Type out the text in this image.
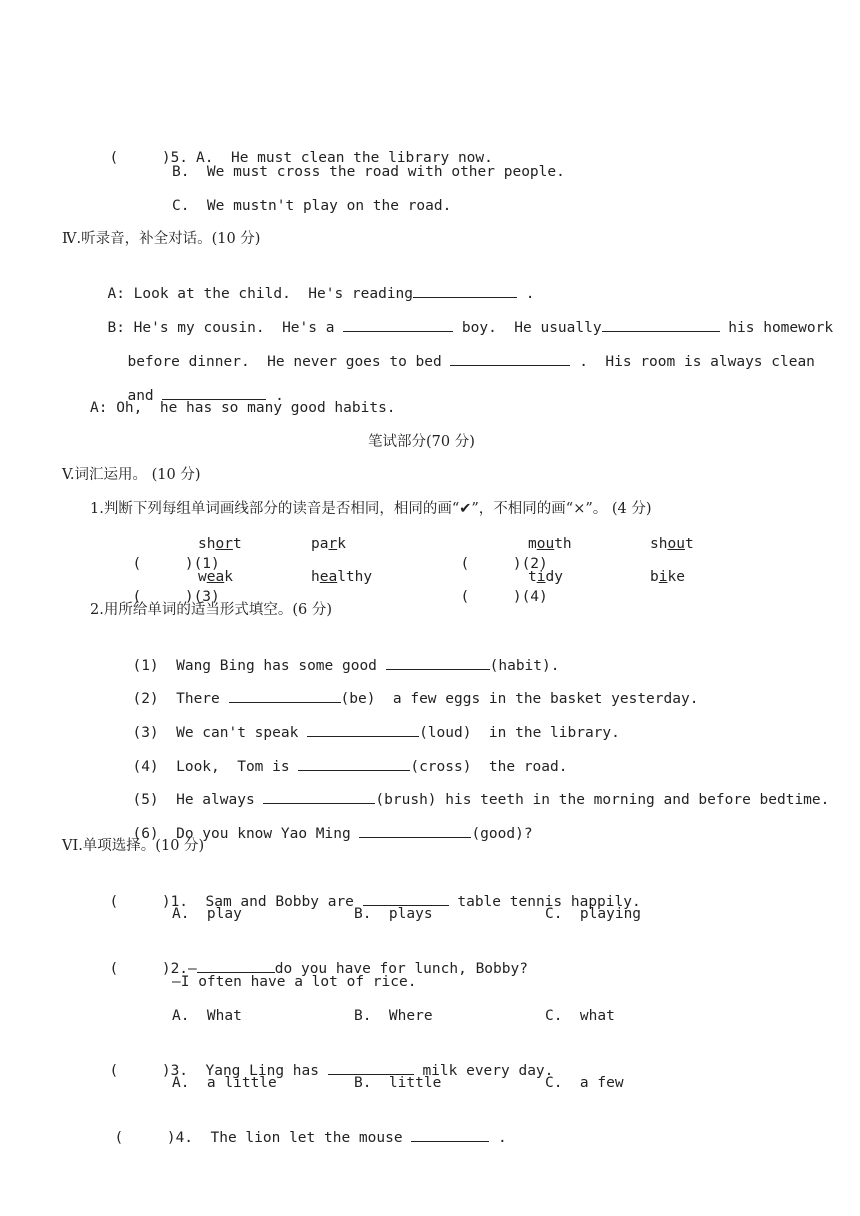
(     )5. A.  He must clean the library now.

B.  We must cross the road with other people.
C.  We mustn't play on the road.
Ⅳ.听录音，补全对话。(10 分)

A: Look at the child.  He's reading	.

B: He's my cousin.  He's a	boy.  He usually	his homework

before dinner.  He never goes to bed	.  His room is always clean

and	.

A: Oh,  he has so many good habits.
笔试部分(70 分)
V.词汇运用。 (10 分)
1.判断下列每组单词画线部分的读音是否相同，相同的画“✔”，不相同的画“×”。 (4 分)

(     )(1)

short	park

(     )(2)

mouth	shout

(     )(3)

weak	healthy

(     )(4)

tidy	bike
2.用所给单词的适当形式填空。(6 分)

(1)  Wang Bing has some good	(habit).

(2)  There	(be)  a few eggs in the basket yesterday.

(3)  We can't speak	(loud)  in the library.

(4)  Look,  Tom is	(cross)  the road.

(5)  He always	(brush) his teeth in the morning and before bedtime.

(6)  Do you know Yao Ming	(good)?

VI.单项选择。(10 分)

(     )1.  Sam and Bobby are	table tennis happily.

A.  play	B.  plays	C.  playing

(     )2.—	do you have for lunch, Bobby?

—I often have a lot of rice.
A.  What	B.  Where	C.  what

(     )3.  Yang Ling has	milk every day.

A.  a little	B.  little	C.  a few

(     )4.  The lion let the mouse	.
